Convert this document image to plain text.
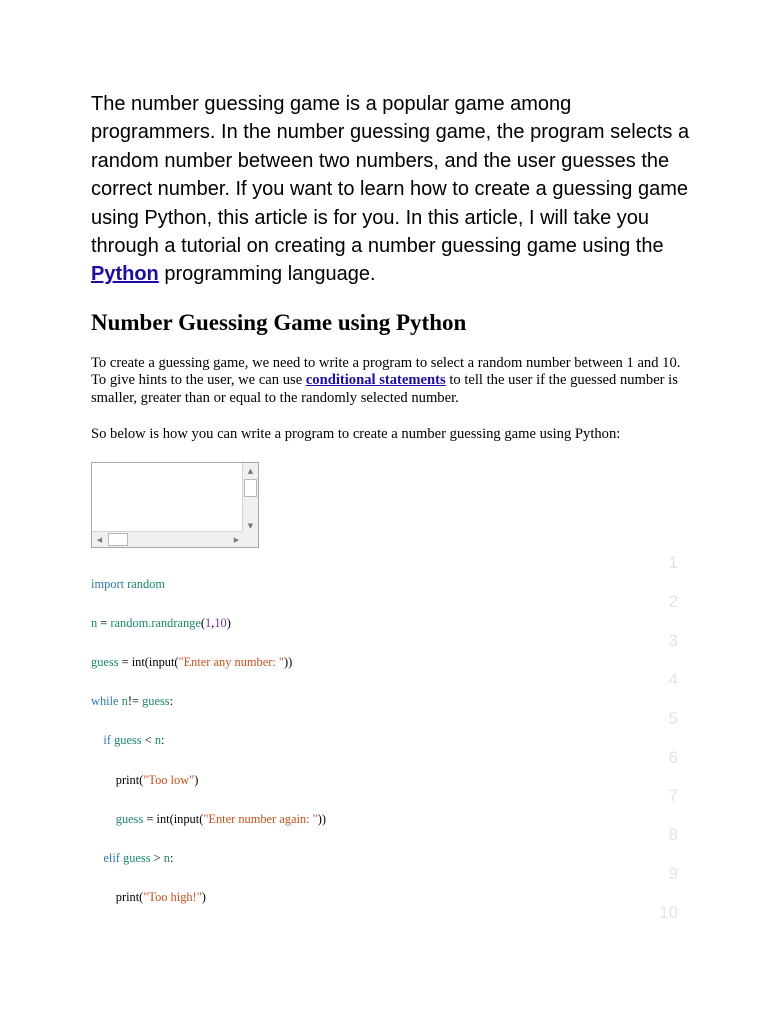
The number guessing game is a popular game among programmers. In the number guessing game, the program selects a random number between two numbers, and the user guesses the correct number. If you want to learn how to create a guessing game using Python, this article is for you. In this article, I will take you through a tutorial on creating a number guessing game using the Python programming language.

Number Guessing Game using Python

To create a guessing game, we need to write a program to select a random number between 1 and 10. To give hints to the user, we can use conditional statements to tell the user if the guessed number is smaller, greater than or equal to the randomly selected number.

So below is how you can write a program to create a number guessing game using Python:

▲
▼
◀	▶

import random

n = random.randrange(1,10)

guess = int(input("Enter any number: "))

while n!= guess:

if guess < n:

print("Too low")

guess = int(input("Enter number again: "))

elif guess > n:

print("Too high!")

1
2
3
4
5
6
7
8
9
10
